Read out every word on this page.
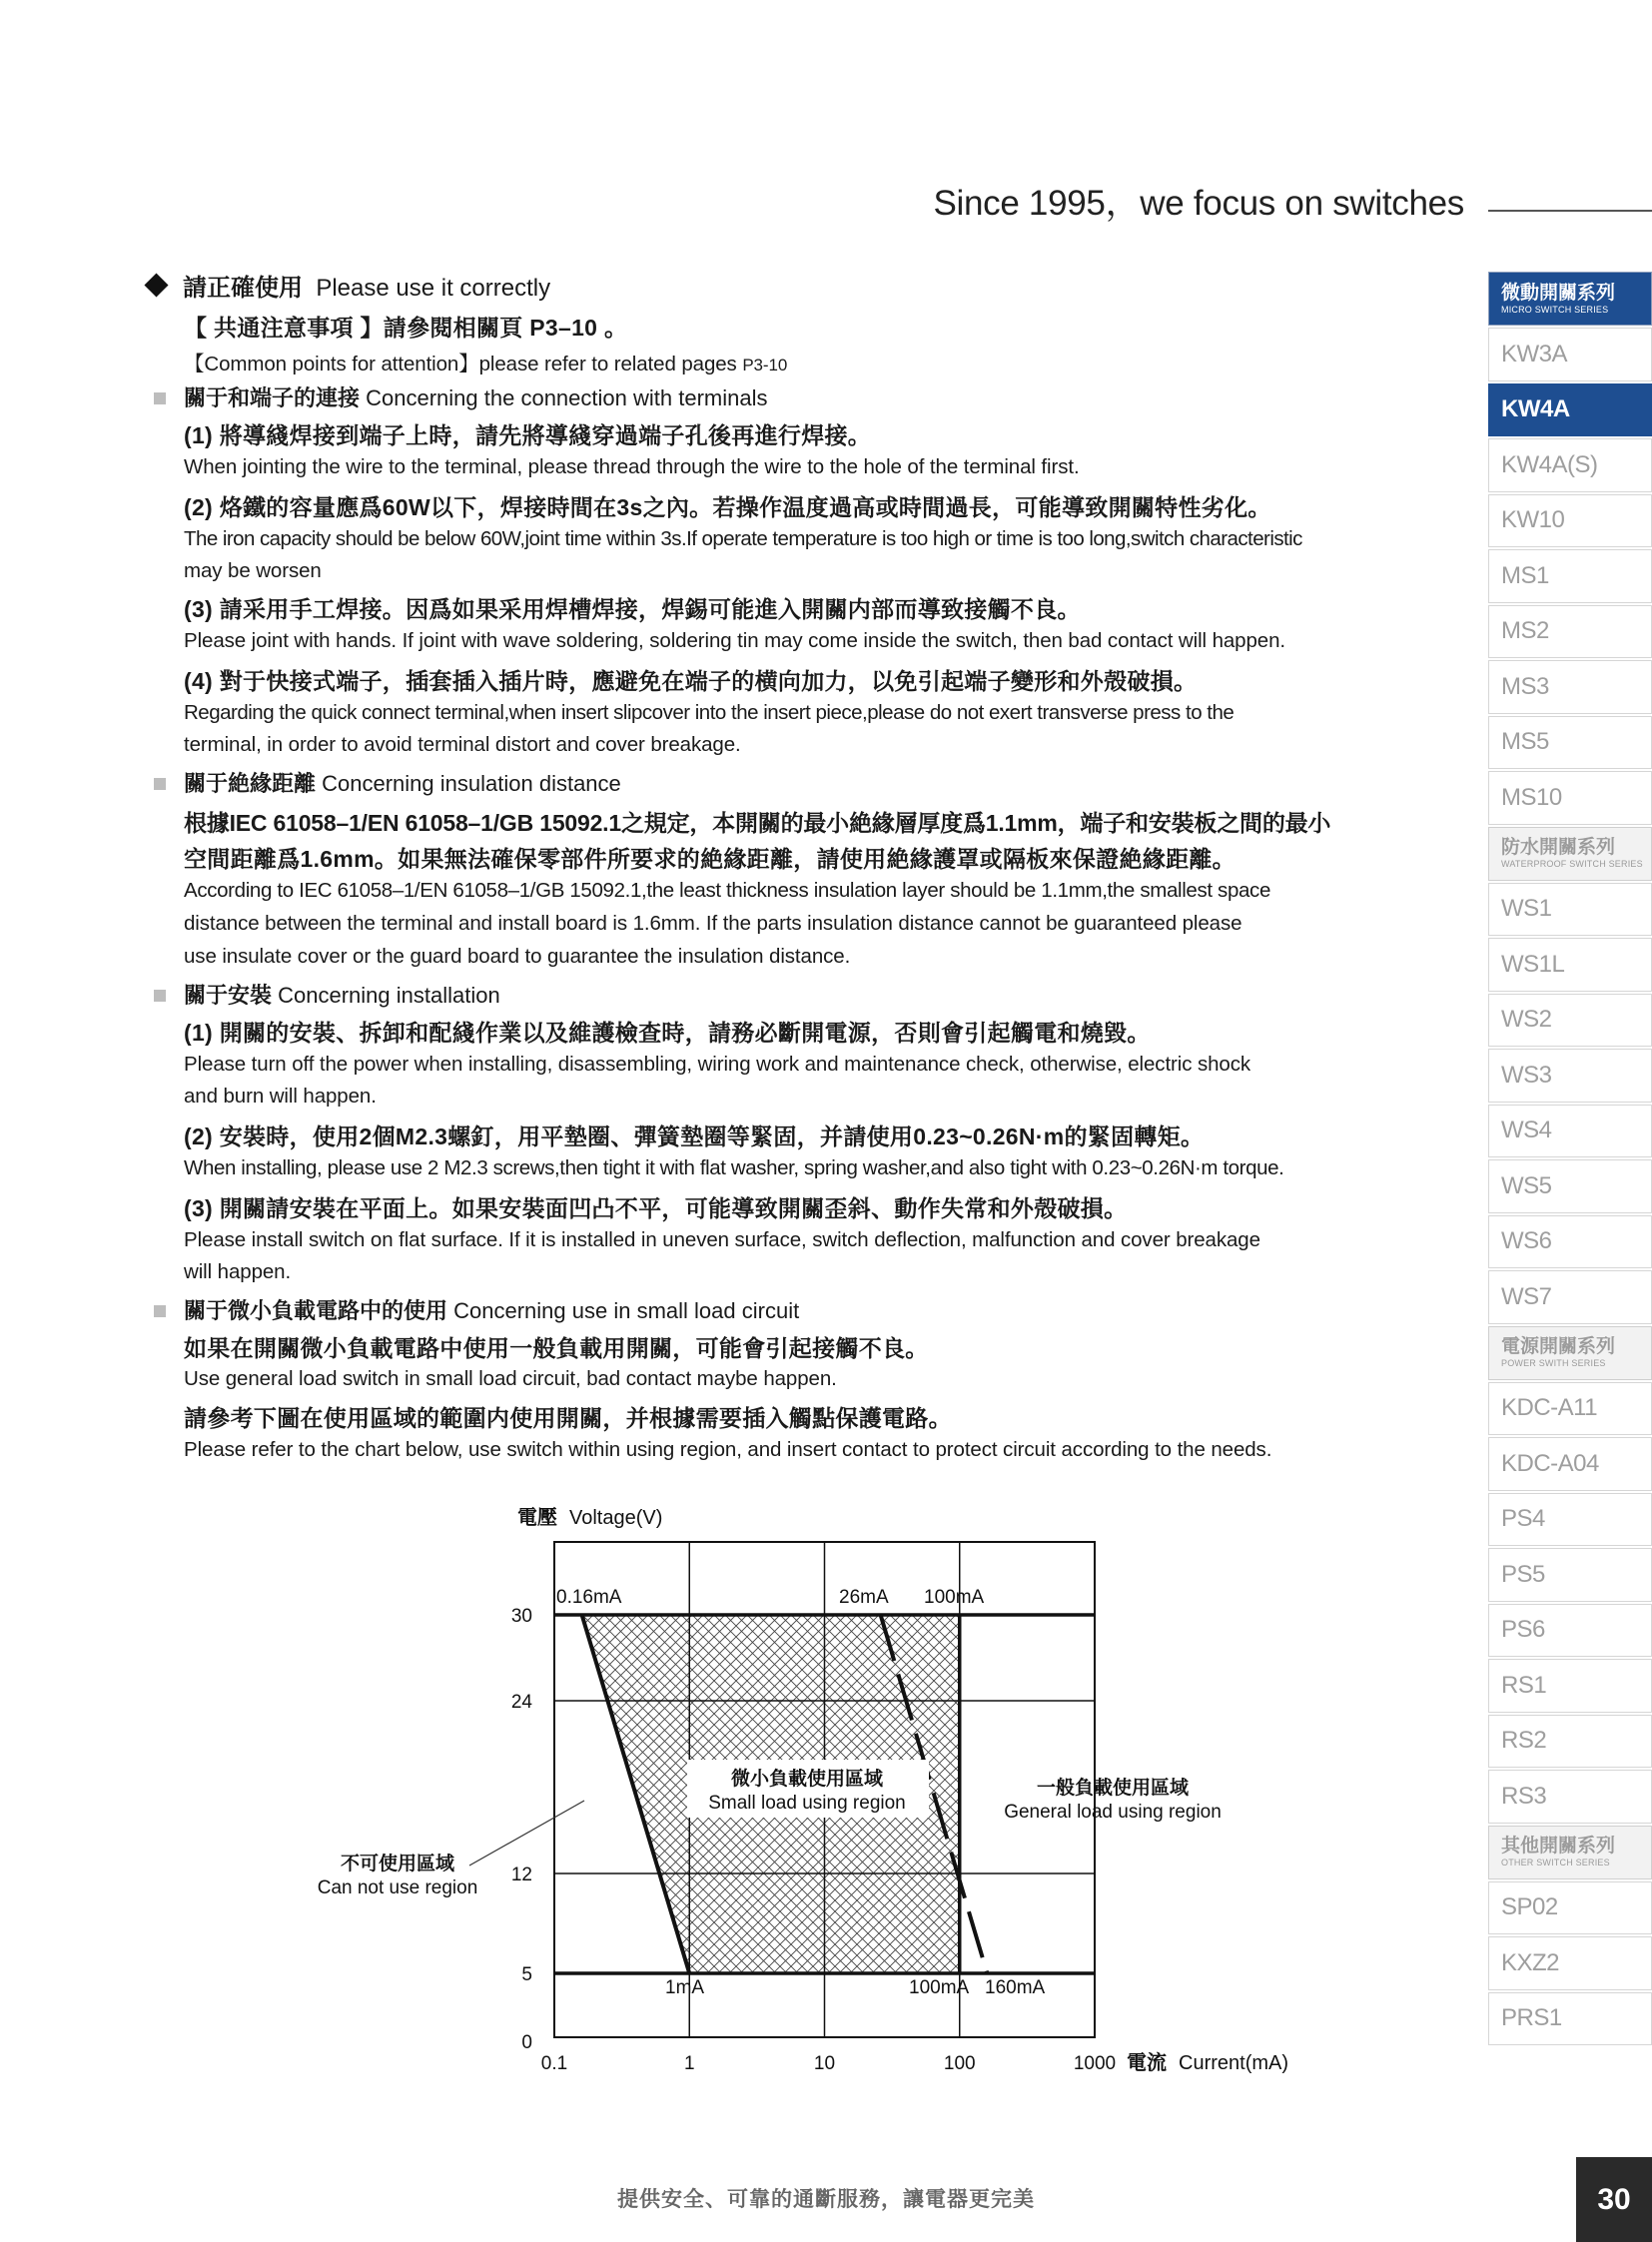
Since 1995，we focus on switches
微動開關系列
MICRO SWITCH SERIES
KW3A
KW4A
KW4A(S)
KW10
MS1
MS2
MS3
MS5
MS10
防水開關系列
WATERPROOF SWITCH SERIES
WS1
WS1L
WS2
WS3
WS4
WS5
WS6
WS7
電源開關系列
POWER SWITH SERIES
KDC-A11
KDC-A04
PS4
PS5
PS6
RS1
RS2
RS3
其他開關系列
OTHER SWITCH SERIES
SP02
KXZ2
PRS1
請正確使用 Please use it correctly
【 共通注意事項 】請參閱相關頁 P3–10 。
【Common points for attention】please refer to related pages P3-10
關于和端子的連接 Concerning the connection with terminals
(1) 將導綫焊接到端子上時，請先將導綫穿過端子孔後再進行焊接。
When jointing the wire to the terminal, please thread through the wire to the hole of the terminal first.
(2) 烙鐵的容量應爲60W以下，焊接時間在3s之內。若操作温度過高或時間過長，可能導致開關特性劣化。
The iron capacity should be below 60W,joint time within 3s.If operate temperature is too high or time is too long,switch characteristic
may be worsen
(3) 請采用手工焊接。因爲如果采用焊槽焊接，焊錫可能進入開關内部而導致接觸不良。
Please joint with hands. If joint with wave soldering, soldering tin may come inside the switch, then bad contact will happen.
(4) 對于快接式端子，插套插入插片時，應避免在端子的横向加力，以免引起端子變形和外殻破損。
Regarding the quick connect terminal,when insert slipcover into the insert piece,please do not exert transverse press to the
terminal, in order to avoid terminal distort and cover breakage.
關于絶緣距離 Concerning insulation distance
根據IEC 61058–1/EN 61058–1/GB 15092.1之規定，本開關的最小絶緣層厚度爲1.1mm，端子和安裝板之間的最小
空間距離爲1.6mm。如果無法確保零部件所要求的絶緣距離，請使用絶緣護罩或隔板來保證絶緣距離。
According to IEC 61058–1/EN 61058–1/GB 15092.1,the least thickness insulation layer should be 1.1mm,the smallest space
distance between the terminal and install board is 1.6mm. If the parts insulation distance cannot be guaranteed please
use insulate cover or the guard board to guarantee the insulation distance.
關于安裝 Concerning installation
(1) 開關的安裝、拆卸和配綫作業以及維護檢查時，請務必斷開電源，否則會引起觸電和燒毀。
Please turn off the power when installing, disassembling, wiring work and maintenance check, otherwise, electric shock
and burn will happen.
(2) 安裝時，使用2個M2.3螺釘，用平墊圈、彈簧墊圈等緊固，并請使用0.23~0.26N·m的緊固轉矩。
When installing, please use 2 M2.3 screws,then tight it with flat washer, spring washer,and also tight with 0.23~0.26N·m torque.
(3) 開關請安裝在平面上。如果安裝面凹凸不平，可能導致開關歪斜、動作失常和外殻破損。
Please install switch on flat surface. If it is installed in uneven surface, switch deflection, malfunction and cover breakage
will happen.
關于微小負載電路中的使用 Concerning use in small load circuit
如果在開關微小負載電路中使用一般負載用開關，可能會引起接觸不良。
Use general load switch in small load circuit, bad contact maybe happen.
請參考下圖在使用區域的範圍内使用開關，并根據需要插入觸點保護電路。
Please refer to the chart below, use switch within using region, and insert contact to protect circuit according to the needs.
0.1	1	10	100	1000
0
5
12
24
30
電壓 Voltage(V)
電流 Current(mA)
0.16mA	26mA 100mA
1mA	100mA 160mA
微小負載使用區域
Small load using region
一般負載使用區域
General load using region
不可使用區域
Can not use region
提供安全、可靠的通斷服務，讓電器更完美	30
